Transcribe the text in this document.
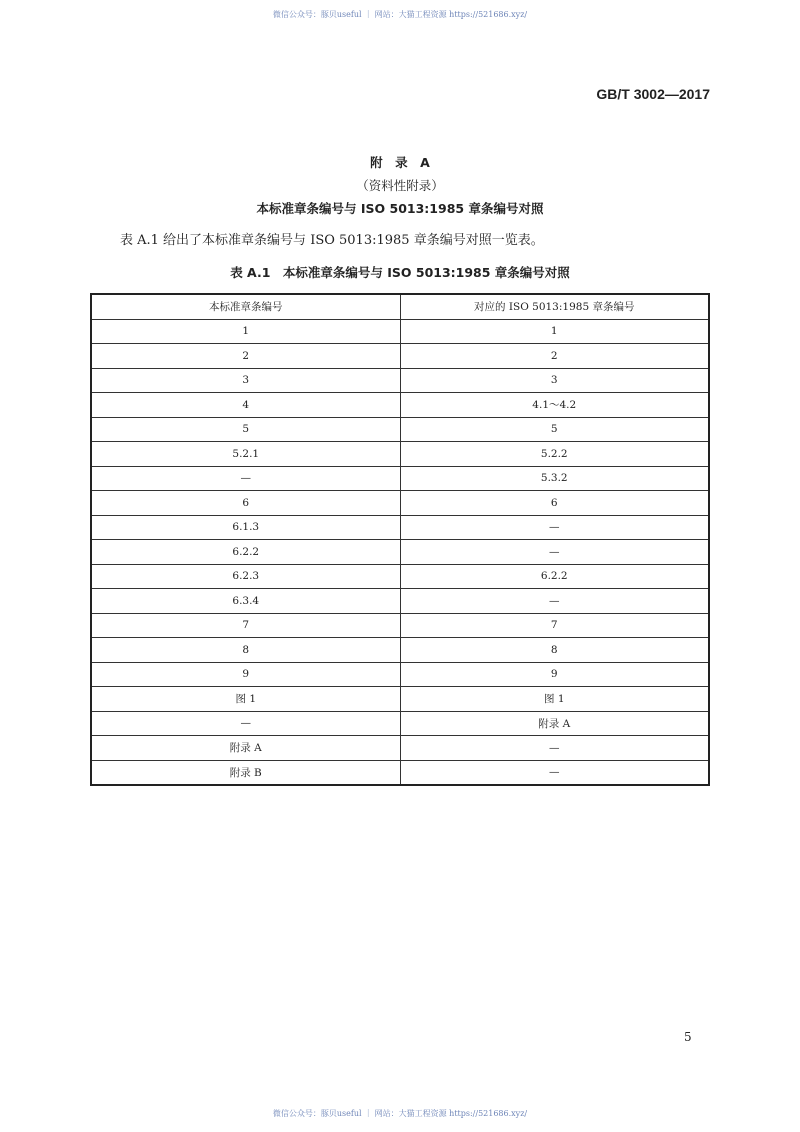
微信公众号：豚贝useful ｜ 网站：大猫工程资源 https://521686.xyz/
GB/T 3002—2017
附　录　A
（资料性附录）
本标准章条编号与 ISO 5013:1985 章条编号对照
表 A.1 给出了本标准章条编号与 ISO 5013:1985 章条编号对照一览表。
表 A.1　本标准章条编号与 ISO 5013:1985 章条编号对照
本标准章条编号	对应的 ISO 5013:1985 章条编号
1	1
2	2
3	3
4	4.1～4.2
5	5
5.2.1	5.2.2
—	5.3.2
6	6
6.1.3	—
6.2.2	—
6.2.3	6.2.2
6.3.4	—
7	7
8	8
9	9
图 1	图 1
—	附录 A
附录 A	—
附录 B	—
5
微信公众号：豚贝useful ｜ 网站：大猫工程资源 https://521686.xyz/
